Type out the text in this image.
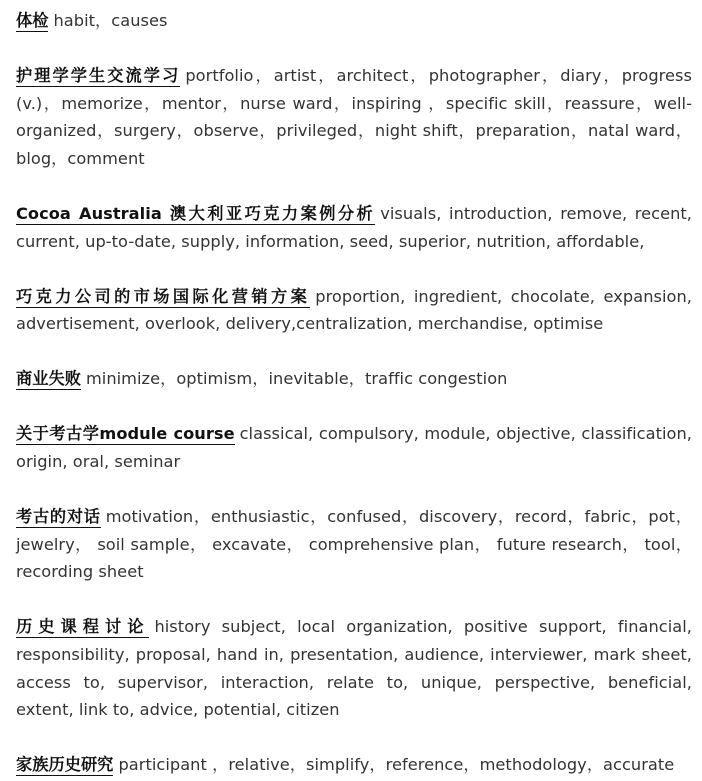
体检 habit，causes

护理学学生交流学习 portfolio，artist，architect，photographer，diary，progress (v.)，memorize，mentor，nurse ward，inspiring ，specific skill，reassure，well-organized，surgery，observe，privileged，night shift，preparation，natal ward，blog，comment

Cocoa Australia 澳大利亚巧克力案例分析 visuals, introduction, remove, recent, current, up-to-date, supply, information, seed, superior, nutrition, affordable,

巧克力公司的市场国际化营销方案 proportion, ingredient, chocolate, expansion, advertisement, overlook, delivery,centralization, merchandise, optimise

商业失败 minimize，optimism，inevitable，traffic congestion

关于考古学module course classical, compulsory, module, objective, classification, origin, oral, seminar

考古的对话 motivation，enthusiastic，confused，discovery，record，fabric，pot，jewelry， soil sample， excavate， comprehensive plan， future research， tool，recording sheet

历史课程讨论 history subject, local organization, positive support, financial, responsibility, proposal, hand in, presentation, audience, interviewer, mark sheet, access to, supervisor, interaction, relate to, unique, perspective, beneficial, extent, link to, advice, potential, citizen

家族历史研究 participant ，relative，simplify，reference，methodology，accurate
